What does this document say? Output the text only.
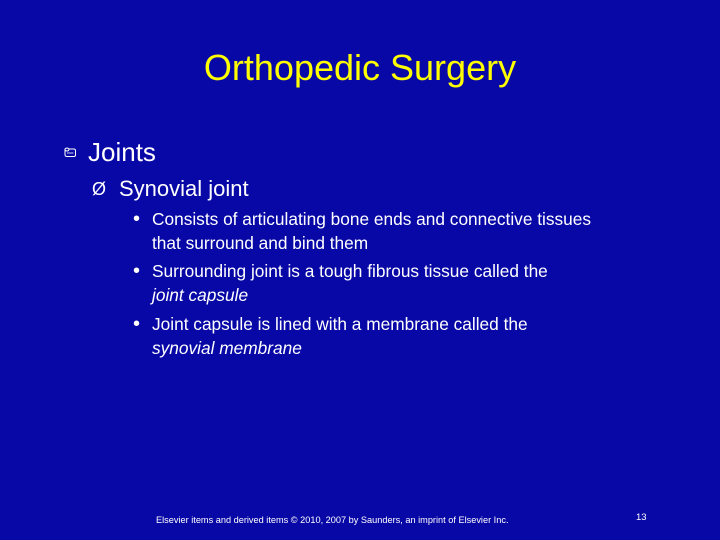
Orthopedic Surgery
Joints
Ø Synovial joint
• Consists of articulating bone ends and connective tissues
that surround and bind them
• Surrounding joint is a tough fibrous tissue called the
joint capsule
• Joint capsule is lined with a membrane called the
synovial membrane
Elsevier items and derived items © 2010, 2007 by Saunders, an imprint of Elsevier Inc.	13
